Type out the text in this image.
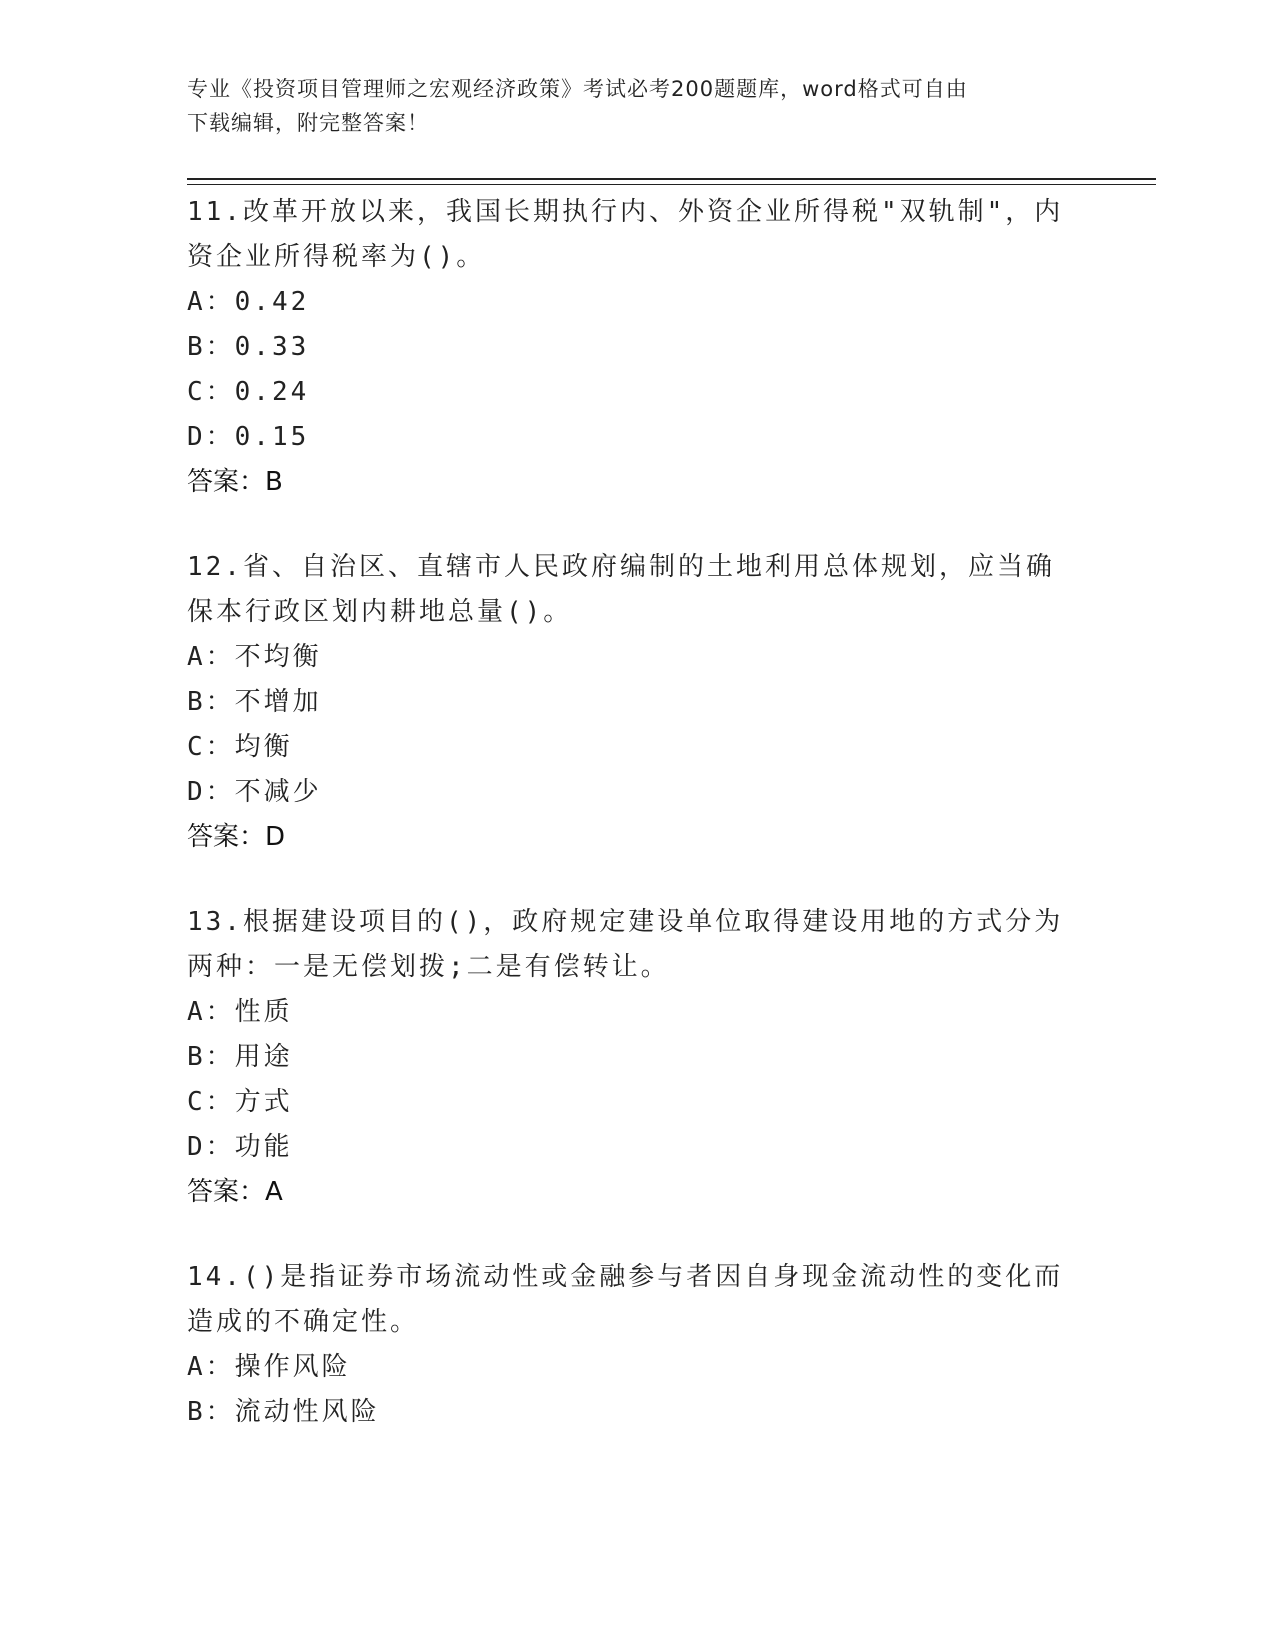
专业《投资项目管理师之宏观经济政策》考试必考200题题库，word格式可自由
下载编辑，附完整答案！

11.改革开放以来，我国长期执行内、外资企业所得税"双轨制"，内资企业所得税率为()。

A：0.42

B：0.33

C：0.24

D：0.15

答案：B

12.省、自治区、直辖市人民政府编制的土地利用总体规划，应当确保本行政区划内耕地总量()。

A：不均衡

B：不增加

C：均衡

D：不减少

答案：D

13.根据建设项目的()，政府规定建设单位取得建设用地的方式分为两种：一是无偿划拨;二是有偿转让。

A：性质

B：用途

C：方式

D：功能

答案：A

14.()是指证券市场流动性或金融参与者因自身现金流动性的变化而造成的不确定性。

A：操作风险

B：流动性风险
